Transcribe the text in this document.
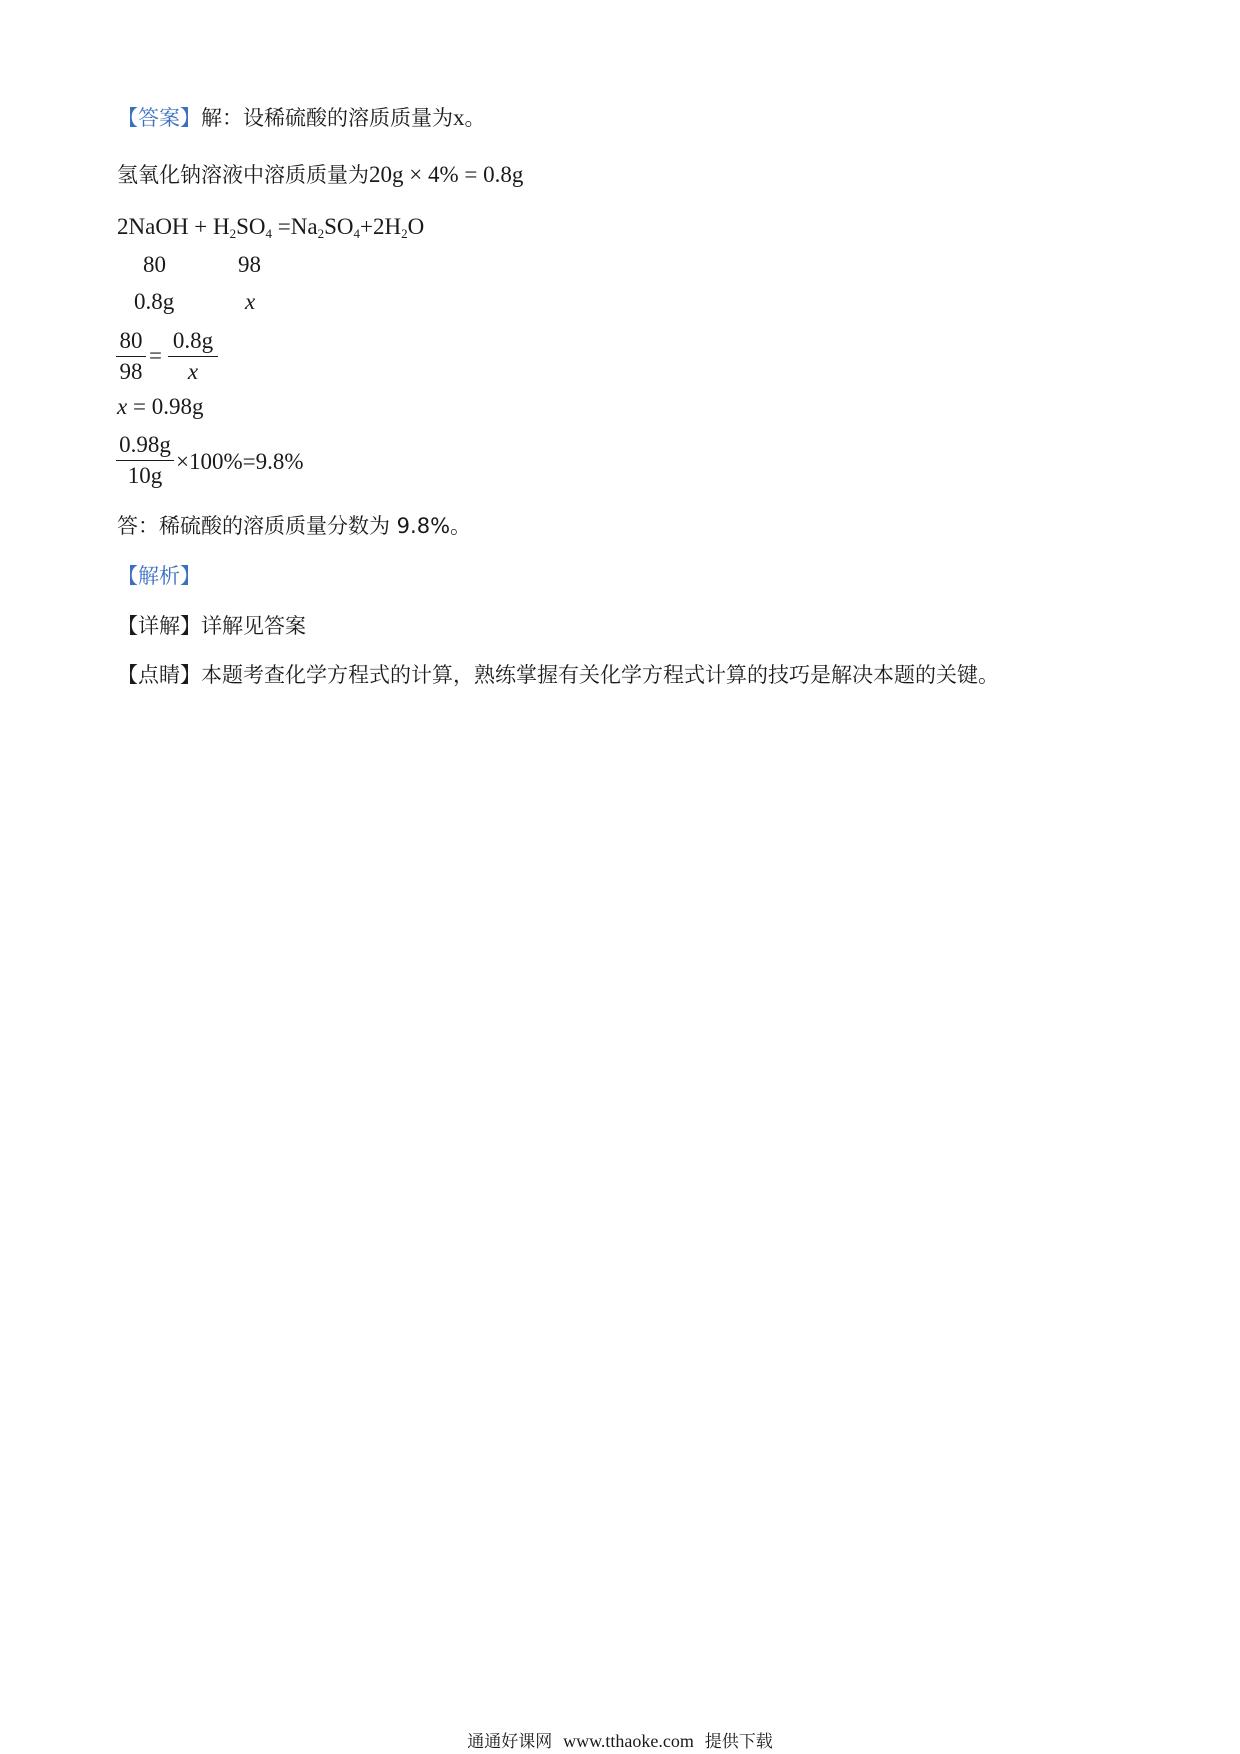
【答案】解：设稀硫酸的溶质质量为x。
氢氧化钠溶液中溶质质量为20g × 4% = 0.8g
2NaOH + $H_2SO_4 =Na_2SO_4+2H_2O$
80	98
0.8g	x
80
98
=
0.8g
x
x = 0.98g
0.98g
10g
×100%=9.8%
答：稀硫酸的溶质质量分数为 9.8%。
【解析】
【详解】详解见答案
【点睛】本题考查化学方程式的计算，熟练掌握有关化学方程式计算的技巧是解决本题的关键。
通通好课网 www.tthaoke.com 提供下载
